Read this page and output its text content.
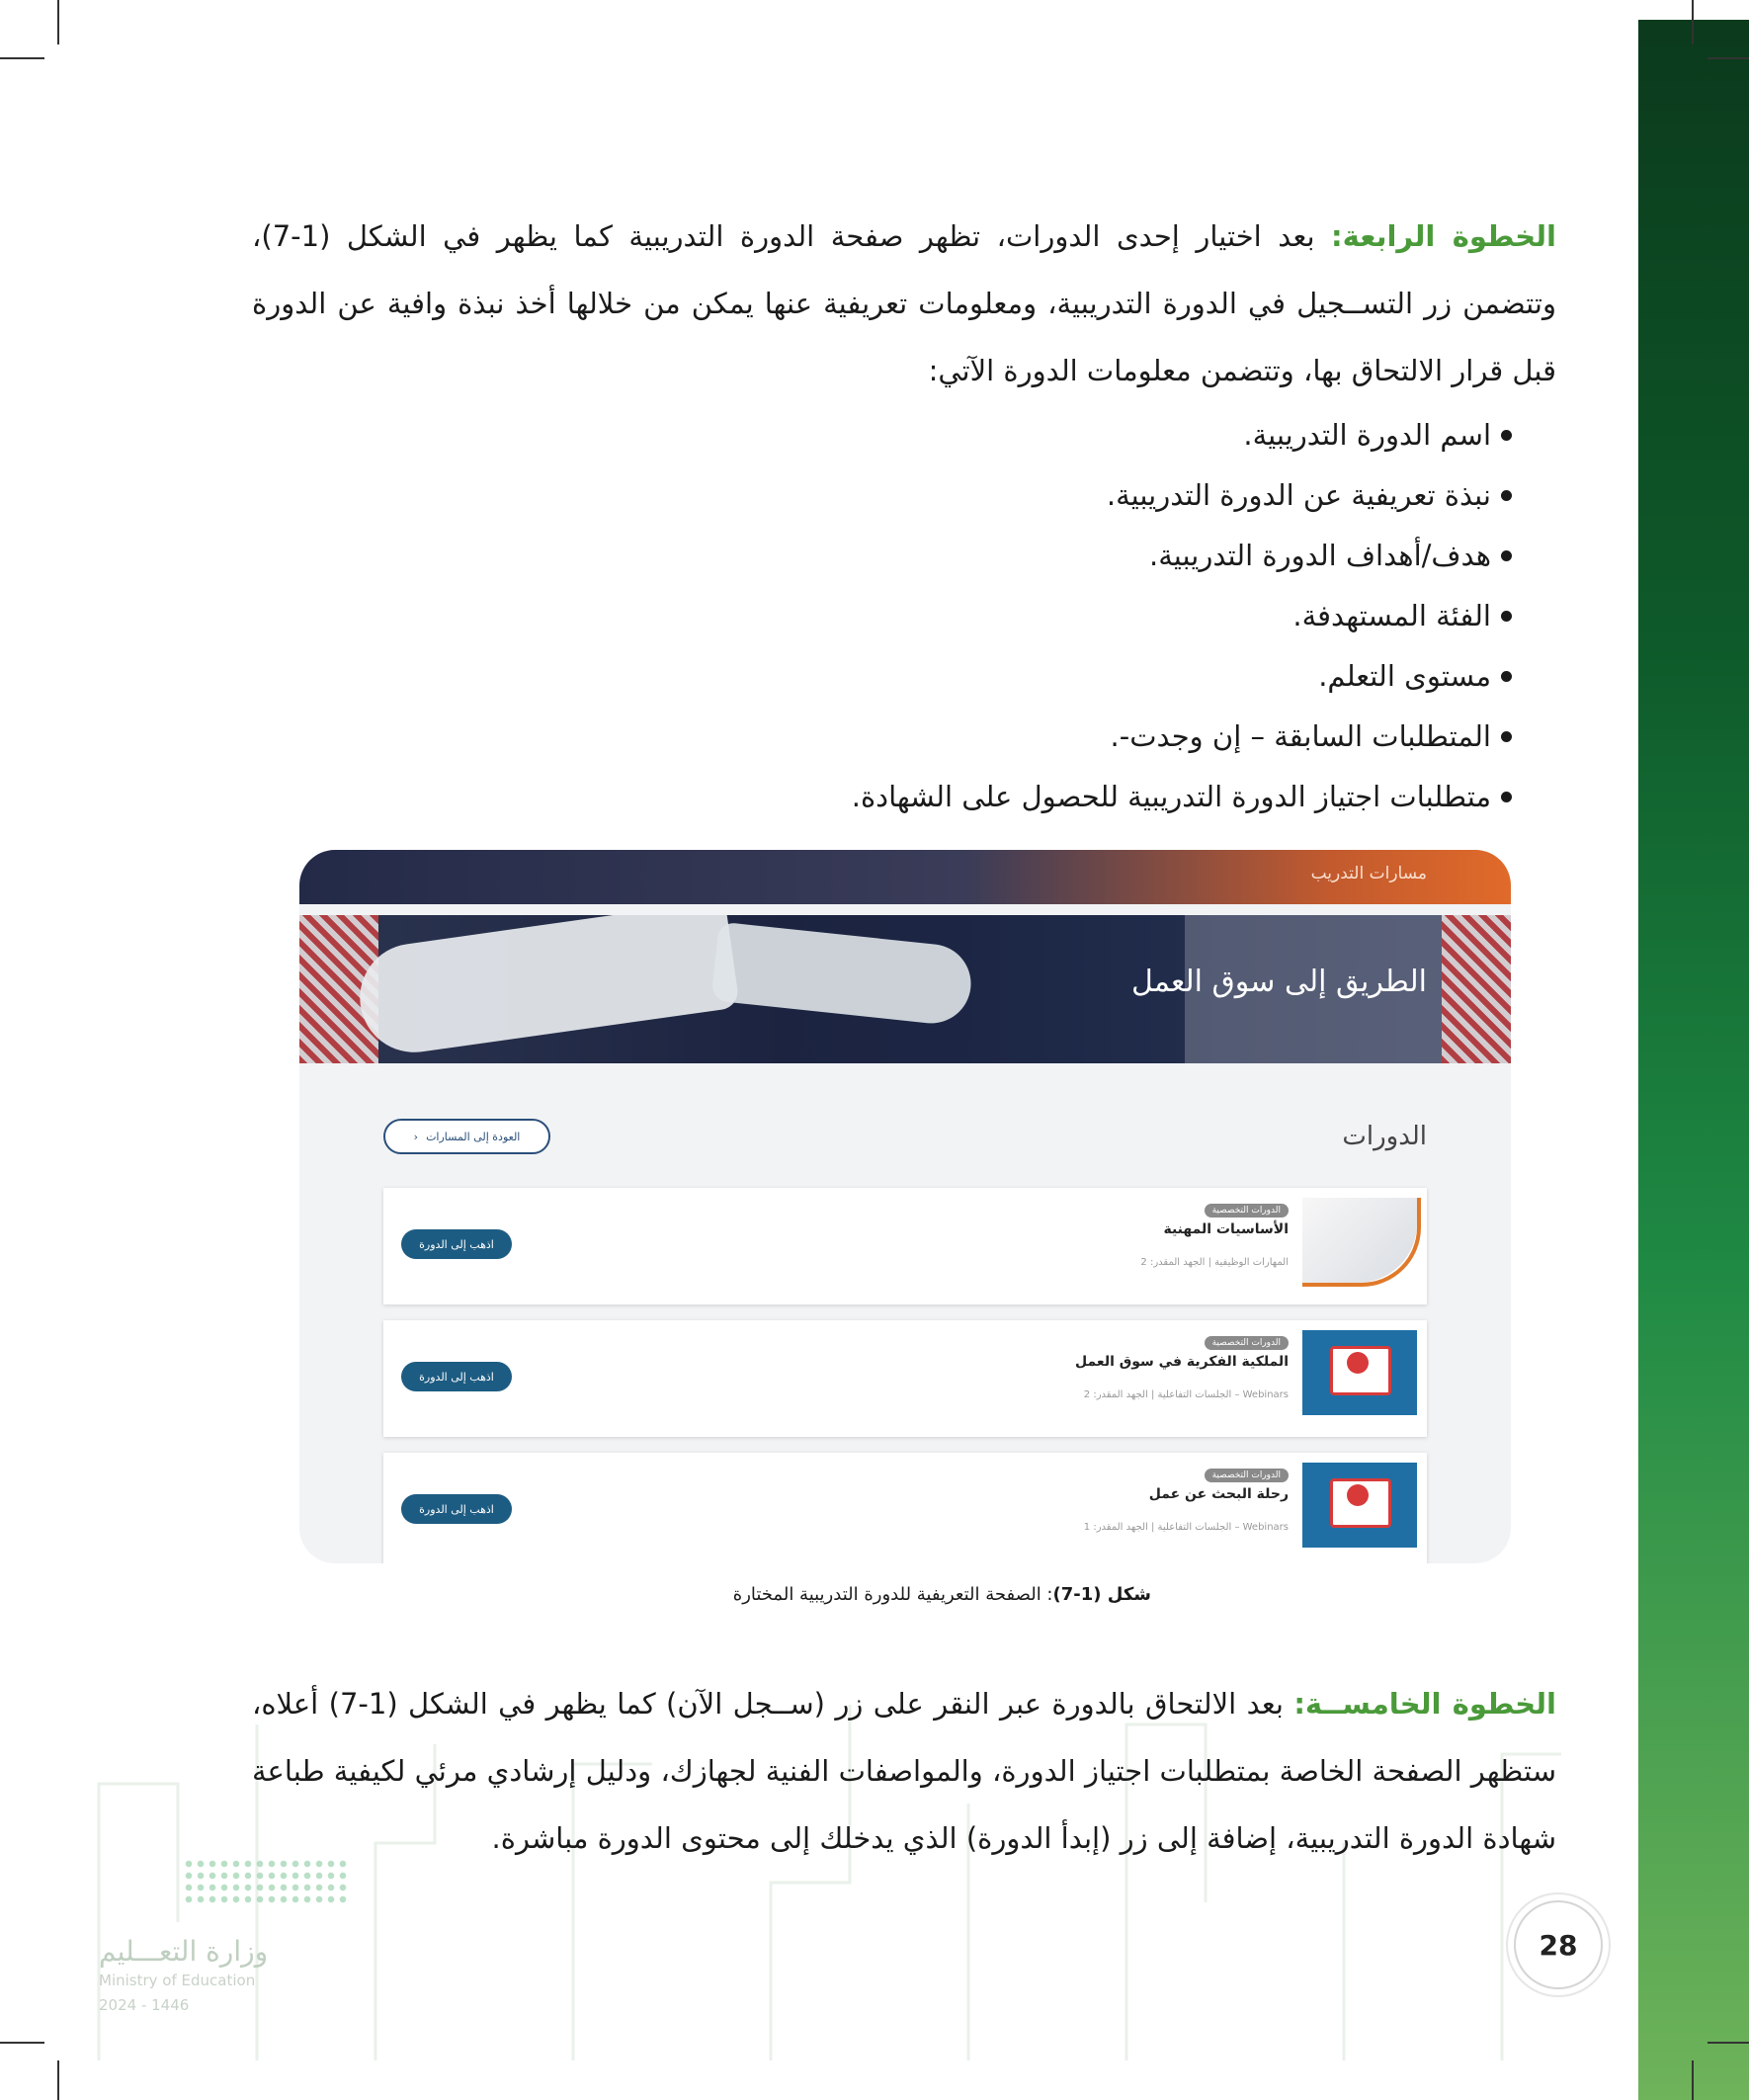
الخطوة الرابعة: بعد اختيار إحدى الدورات، تظهر صفحة الدورة التدريبية كما يظهر في الشكل (1-7)، وتتضمن زر التســجيل في الدورة التدريبية، ومعلومات تعريفية عنها يمكن من خلالها أخذ نبذة وافية عن الدورة قبل قرار الالتحاق بها، وتتضمن معلومات الدورة الآتي:

اسم الدورة التدريبية.
نبذة تعريفية عن الدورة التدريبية.
هدف/أهداف الدورة التدريبية.
الفئة المستهدفة.
مستوى التعلم.
المتطلبات السابقة – إن وجدت-.
متطلبات اجتياز الدورة التدريبية للحصول على الشهادة.
مسارات التدريب
الطريق إلى سوق العمل
الدورات
العودة إلى المسارات
‹
الدورات التخصصية
الأساسيات المهنية
المهارات الوظيفية | الجهد المقدر: 2
اذهب إلى الدورة
الدورات التخصصية
الملكية الفكرية في سوق العمل
Webinars – الجلسات التفاعلية | الجهد المقدر: 2
اذهب إلى الدورة
الدورات التخصصية
رحلة البحث عن عمل
Webinars – الجلسات التفاعلية | الجهد المقدر: 1
اذهب إلى الدورة
شكل (1-7): الصفحة التعريفية للدورة التدريبية المختارة

الخطوة الخامســة: بعد الالتحاق بالدورة عبر النقر على زر (ســجل الآن) كما يظهر في الشكل (1-7) أعلاه، ستظهر الصفحة الخاصة بمتطلبات اجتياز الدورة، والمواصفات الفنية لجهازك، ودليل إرشادي مرئي لكيفية طباعة شهادة الدورة التدريبية، إضافة إلى زر (إبدأ الدورة) الذي يدخلك إلى محتوى الدورة مباشرة.

28
وزارة التعـــليم
Ministry of Education
2024 - 1446
